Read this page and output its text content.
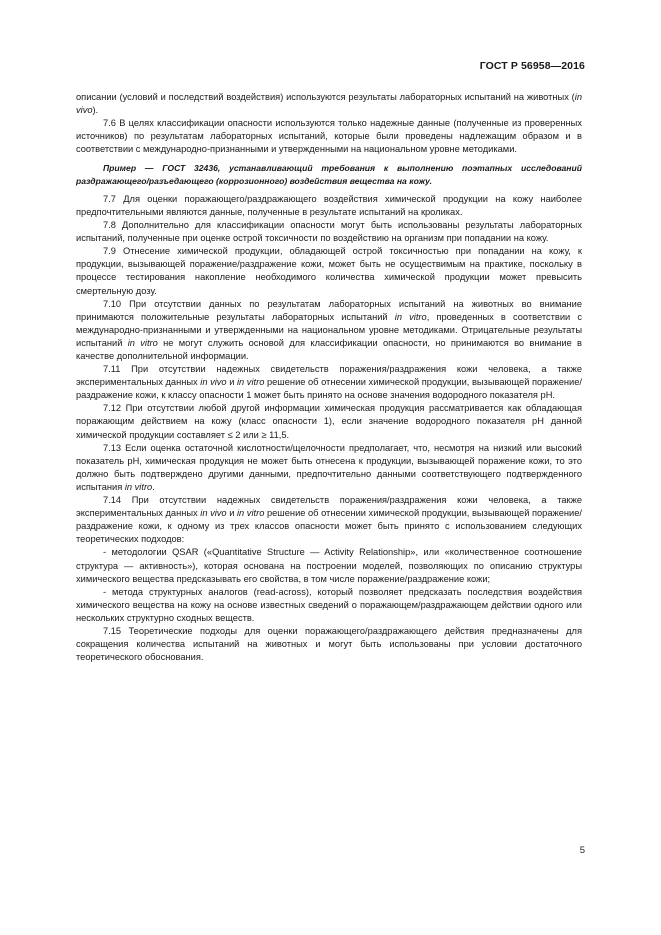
ГОСТ Р 56958—2016

описании (условий и последствий воздействия) используются результаты лабораторных испытаний на животных (in vivo).

7.6 В целях классификации опасности используются только надежные данные (полученные из проверенных источников) по результатам лабораторных испытаний, которые были проведены надлежащим образом и в соответствии с международно-признанными и утвержденными на национальном уровне методиками.

Пример — ГОСТ 32436, устанавливающий требования к выполнению поэтапных исследований раздражающего/разъедающего (коррозионного) воздействия вещества на кожу.

7.7 Для оценки поражающего/раздражающего воздействия химической продукции на кожу наиболее предпочтительными являются данные, полученные в результате испытаний на кроликах.

7.8 Дополнительно для классификации опасности могут быть использованы результаты лабораторных испытаний, полученные при оценке острой токсичности по воздействию на организм при попадании на кожу.

7.9 Отнесение химической продукции, обладающей острой токсичностью при попадании на кожу, к продукции, вызывающей поражение/раздражение кожи, может быть не осуществимым на практике, поскольку в процессе тестирования накопление необходимого количества химической продукции может превысить смертельную дозу.

7.10 При отсутствии данных по результатам лабораторных испытаний на животных во внимание принимаются положительные результаты лабораторных испытаний in vitro, проведенных в соответствии с международно-признанными и утвержденными на национальном уровне методиками. Отрицательные результаты испытаний in vitro не могут служить основой для классификации опасности, но принимаются во внимание в качестве дополнительной информации.

7.11 При отсутствии надежных свидетельств поражения/раздражения кожи человека, а также экспериментальных данных in vivo и in vitro решение об отнесении химической продукции, вызывающей поражение/раздражение кожи, к классу опасности 1 может быть принято на основе значения водородного показателя pH.

7.12 При отсутствии любой другой информации химическая продукция рассматривается как обладающая поражающим действием на кожу (класс опасности 1), если значение водородного показателя pH данной химической продукции составляет ≤ 2 или ≥ 11,5.

7.13 Если оценка остаточной кислотности/щелочности предполагает, что, несмотря на низкий или высокий показатель pH, химическая продукция не может быть отнесена к продукции, вызывающей поражение кожи, то это должно быть подтверждено другими данными, предпочтительно данными соответствующего подтвержденного испытания in vitro.

7.14 При отсутствии надежных свидетельств поражения/раздражения кожи человека, а также экспериментальных данных in vivo и in vitro решение об отнесении химической продукции, вызывающей поражение/раздражение кожи, к одному из трех классов опасности может быть принято с использованием следующих теоретических подходов:

- методологии QSAR («Quantitative Structure — Activity Relationship», или «количественное соотношение структура — активность»), которая основана на построении моделей, позволяющих по описанию структуры химического вещества предсказывать его свойства, в том числе поражение/раздражение кожи;

- метода структурных аналогов (read-across), который позволяет предсказать последствия воздействия химического вещества на кожу на основе известных сведений о поражающем/раздражающем действии одного или нескольких структурно сходных веществ.

7.15 Теоретические подходы для оценки поражающего/раздражающего действия предназначены для сокращения количества испытаний на животных и могут быть использованы при условии достаточного теоретического обоснования.

5
